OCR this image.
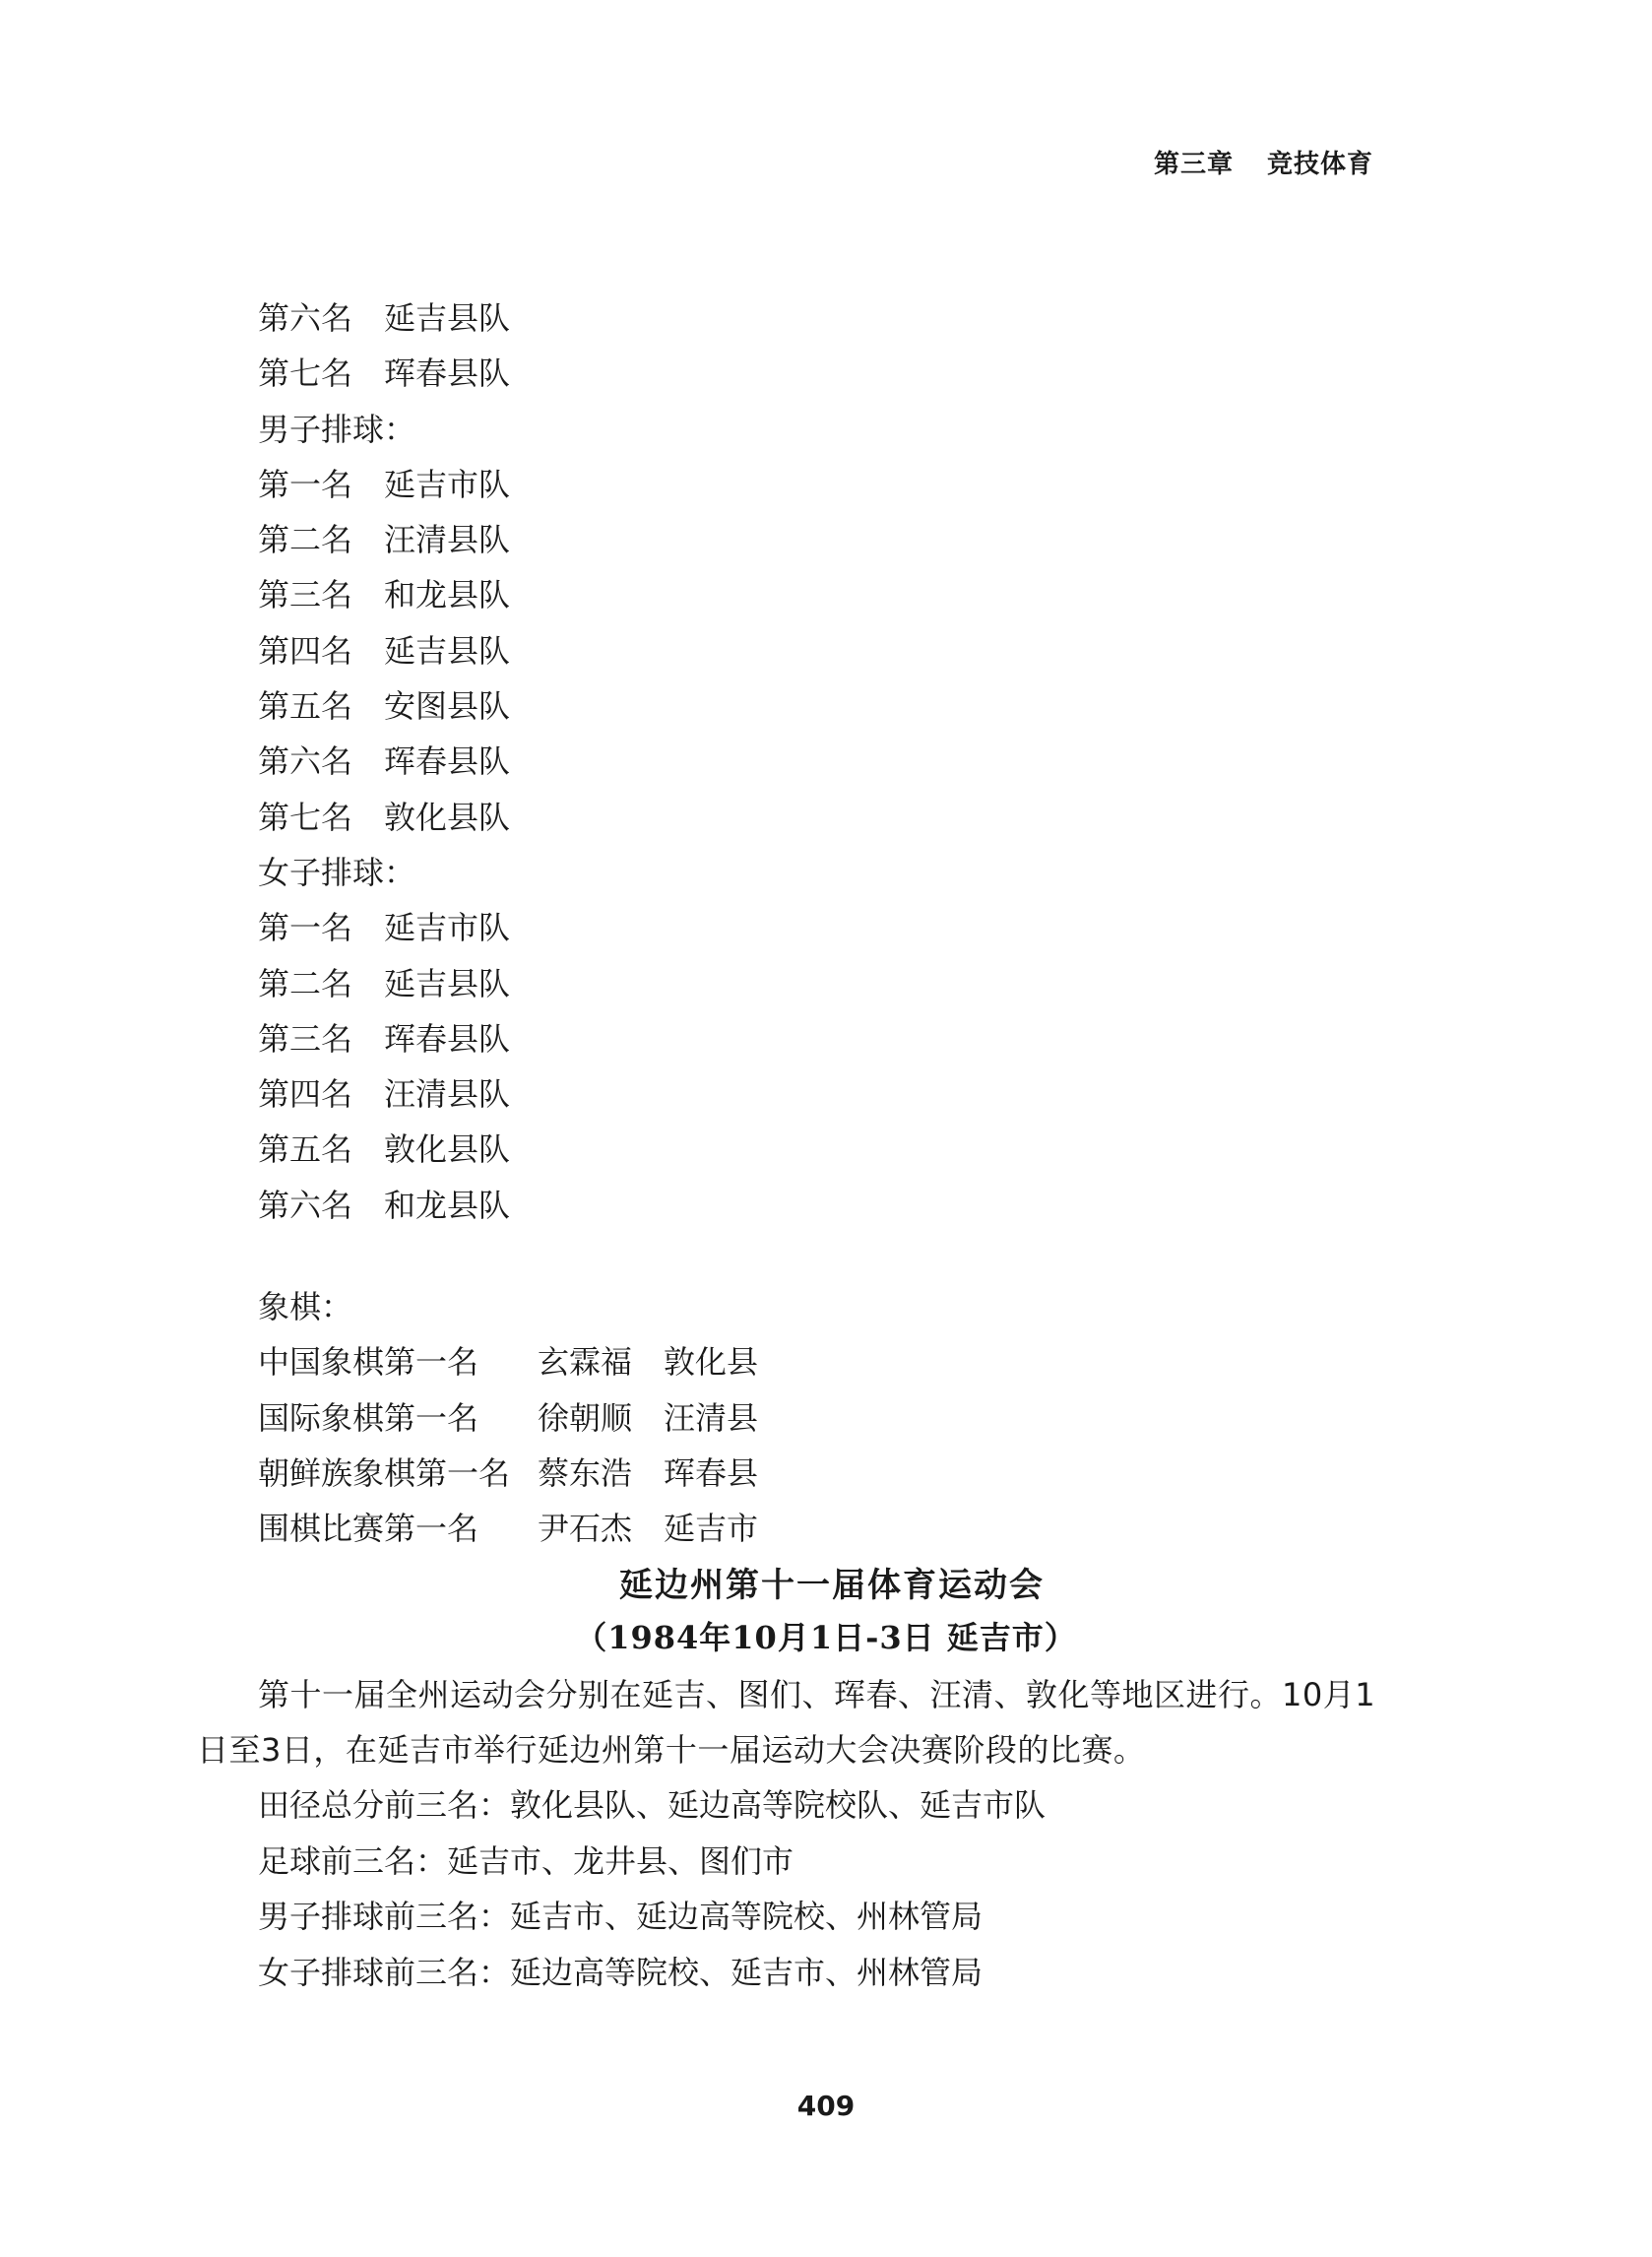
第三章 竞技体育
第六名 延吉县队
第七名 珲春县队
男子排球：
第一名 延吉市队
第二名 汪清县队
第三名 和龙县队
第四名 延吉县队
第五名 安图县队
第六名 珲春县队
第七名 敦化县队
女子排球：
第一名 延吉市队
第二名 延吉县队
第三名 珲春县队
第四名 汪清县队
第五名 敦化县队
第六名 和龙县队
象棋：
中国象棋第一名 玄霖福 敦化县
国际象棋第一名 徐朝顺 汪清县
朝鲜族象棋第一名 蔡东浩 珲春县
围棋比赛第一名 尹石杰 延吉市
延边州第十一届体育运动会
（1984年10月1日-3日 延吉市）

第十一届全州运动会分别在延吉、图们、珲春、汪清、敦化等地区进行。10月1日至3日，在延吉市举行延边州第十一届运动大会决赛阶段的比赛。

田径总分前三名：敦化县队、延边高等院校队、延吉市队
足球前三名：延吉市、龙井县、图们市
男子排球前三名：延吉市、延边高等院校、州林管局
女子排球前三名：延边高等院校、延吉市、州林管局
409
